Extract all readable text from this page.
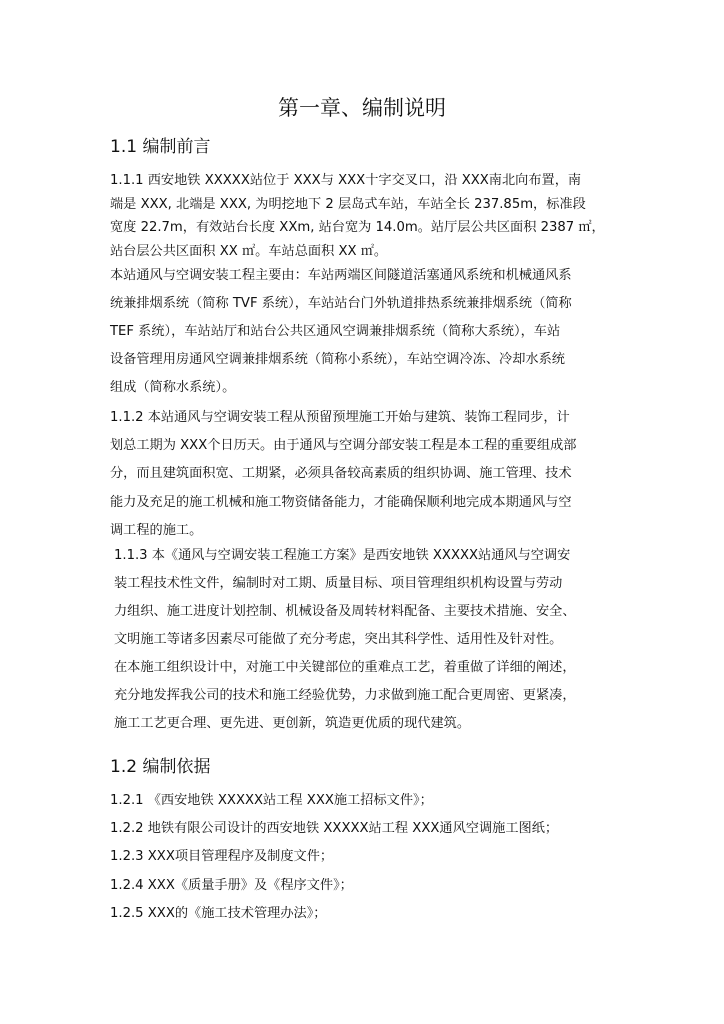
第一章、编制说明
1.1 编制前言
1.1.1 西安地铁 XXXXX站位于 XXX与 XXX十字交叉口，沿 XXX南北向布置，南
端是 XXX, 北端是 XXX, 为明挖地下 2 层岛式车站，车站全长 237.85m，标准段
宽度 22.7m，有效站台长度 XXm, 站台宽为 14.0m。站厅层公共区面积 2387 ㎡，
站台层公共区面积 XX ㎡。车站总面积 XX ㎡。
本站通风与空调安装工程主要由：车站两端区间隧道活塞通风系统和机械通风系
统兼排烟系统（简称 TVF 系统），车站站台门外轨道排热系统兼排烟系统（简称
TEF 系统），车站站厅和站台公共区通风空调兼排烟系统（简称大系统），车站
设备管理用房通风空调兼排烟系统（简称小系统），车站空调冷冻、冷却水系统
组成（简称水系统）。
1.1.2 本站通风与空调安装工程从预留预埋施工开始与建筑、装饰工程同步，计
划总工期为 XXX个日历天。由于通风与空调分部安装工程是本工程的重要组成部
分，而且建筑面积宽、工期紧，必须具备较高素质的组织协调、施工管理、技术
能力及充足的施工机械和施工物资储备能力，才能确保顺利地完成本期通风与空
调工程的施工。
1.1.3 本《通风与空调安装工程施工方案》是西安地铁 XXXXX站通风与空调安
装工程技术性文件，编制时对工期、质量目标、项目管理组织机构设置与劳动
力组织、施工进度计划控制、机械设备及周转材料配备、主要技术措施、安全、
文明施工等诸多因素尽可能做了充分考虑，突出其科学性、适用性及针对性。
在本施工组织设计中，对施工中关键部位的重难点工艺，着重做了详细的阐述，
充分地发挥我公司的技术和施工经验优势，力求做到施工配合更周密、更紧凑，
施工工艺更合理、更先进、更创新，筑造更优质的现代建筑。
1.2 编制依据
1.2.1 《西安地铁 XXXXX站工程 XXX施工招标文件》；
1.2.2 地铁有限公司设计的西安地铁 XXXXX站工程 XXX通风空调施工图纸；
1.2.3 XXX项目管理程序及制度文件；
1.2.4 XXX《质量手册》及《程序文件》；
1.2.5 XXX的《施工技术管理办法》；
